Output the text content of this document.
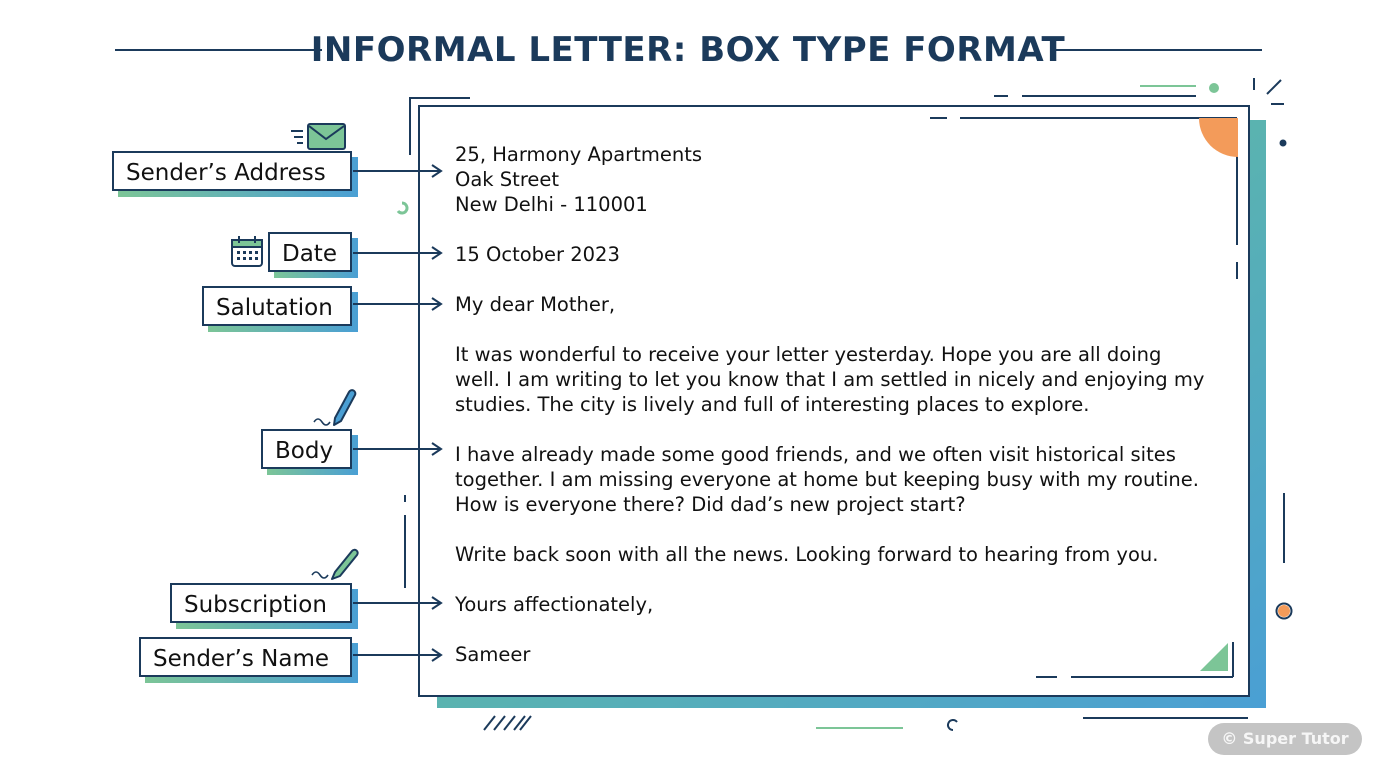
INFORMAL LETTER: BOX TYPE FORMAT
Sender’s Address
Date
Salutation
Body
Subscription
Sender’s Name
25, Harmony Apartments
Oak Street
New Delhi - 110001
15 October 2023
My dear Mother,
It was wonderful to receive your letter yesterday. Hope you are all doing
well. I am writing to let you know that I am settled in nicely and enjoying my
studies. The city is lively and full of interesting places to explore.
I have already made some good friends, and we often visit historical sites
together. I am missing everyone at home but keeping busy with my routine.
How is everyone there? Did dad’s new project start?
Write back soon with all the news. Looking forward to hearing from you.
Yours affectionately,
Sameer
© Super Tutor
